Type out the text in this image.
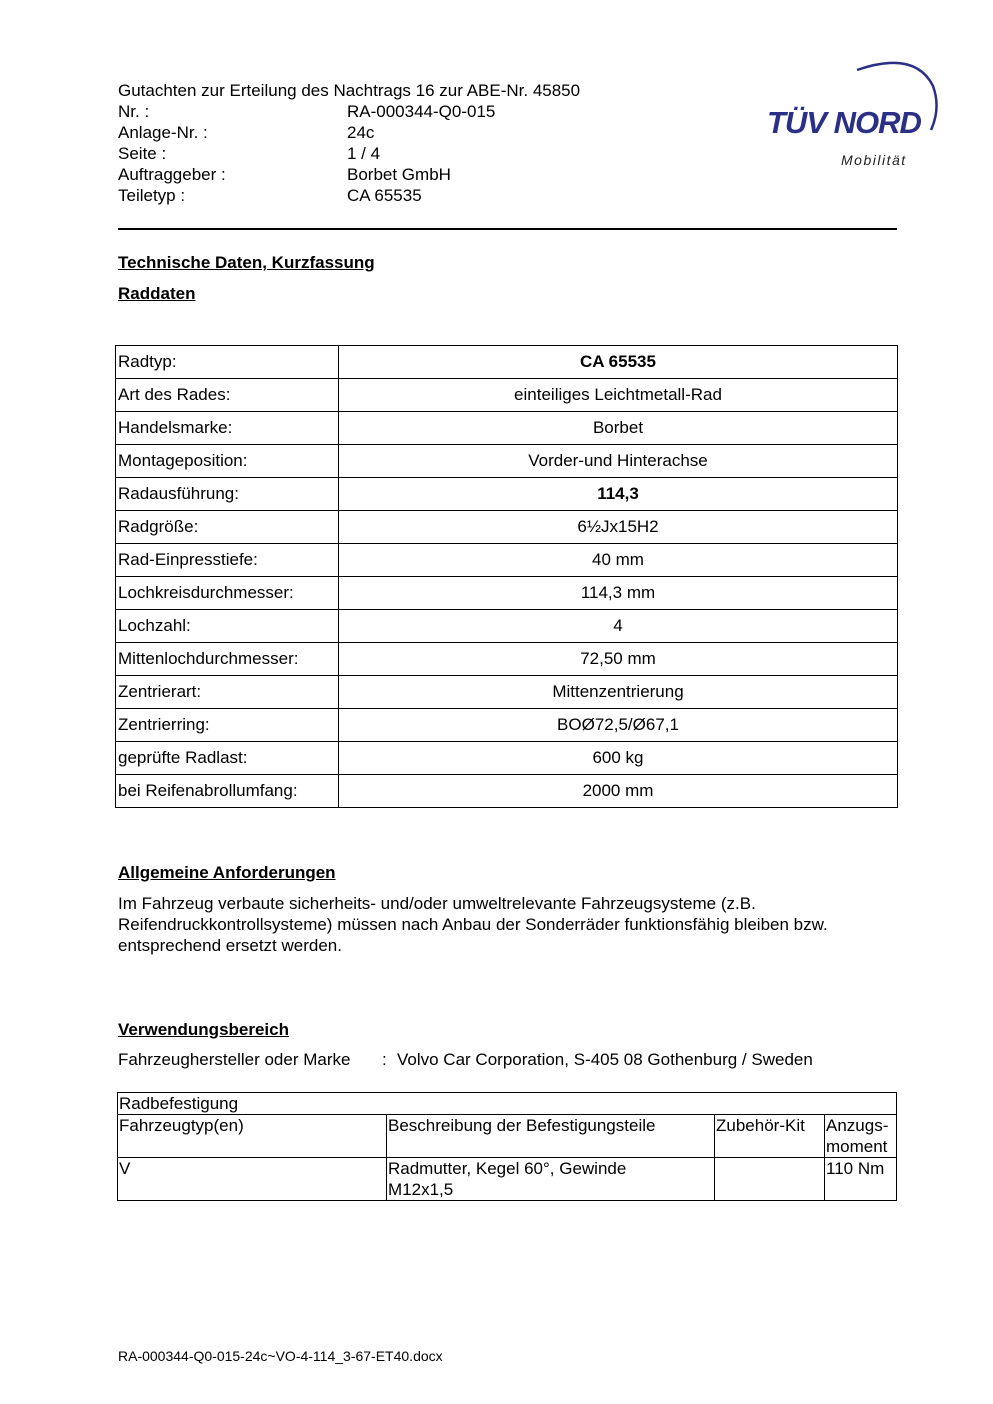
Gutachten zur Erteilung des Nachtrags 16 zur ABE-Nr. 45850
Nr. :	RA-000344-Q0-015
Anlage-Nr. :	24c
Seite :	1 / 4
Auftraggeber :	Borbet GmbH
Teiletyp :	CA 65535
TÜV NORD
Mobilität
Technische Daten, Kurzfassung
Raddaten
Radtyp:	CA 65535
Art des Rades:	einteiliges Leichtmetall-Rad
Handelsmarke:	Borbet
Montageposition:	Vorder-und Hinterachse
Radausführung:	114,3
Radgröße:	6½Jx15H2
Rad-Einpresstiefe:	40 mm
Lochkreisdurchmesser:	114,3 mm
Lochzahl:	4
Mittenlochdurchmesser:	72,50 mm
Zentrierart:	Mittenzentrierung
Zentrierring:	BOØ72,5/Ø67,1
geprüfte Radlast:	600 kg
bei Reifenabrollumfang:	2000 mm
Allgemeine Anforderungen
Im Fahrzeug verbaute sicherheits- und/oder umweltrelevante Fahrzeugsysteme (z.B. Reifendruckkontrollsysteme) müssen nach Anbau der Sonderräder funktionsfähig bleiben bzw. entsprechend ersetzt werden.
Verwendungsbereich
Fahrzeughersteller oder Marke : Volvo Car Corporation, S-405 08 Gothenburg / Sweden
Radbefestigung			
Fahrzeugtyp(en)	Beschreibung der Befestigungsteile	Zubehör-Kit	Anzugs-
moment

V	Radmutter, Kegel 60°, Gewinde M12x1,5		110 Nm
RA-000344-Q0-015-24c~VO-4-114_3-67-ET40.docx
